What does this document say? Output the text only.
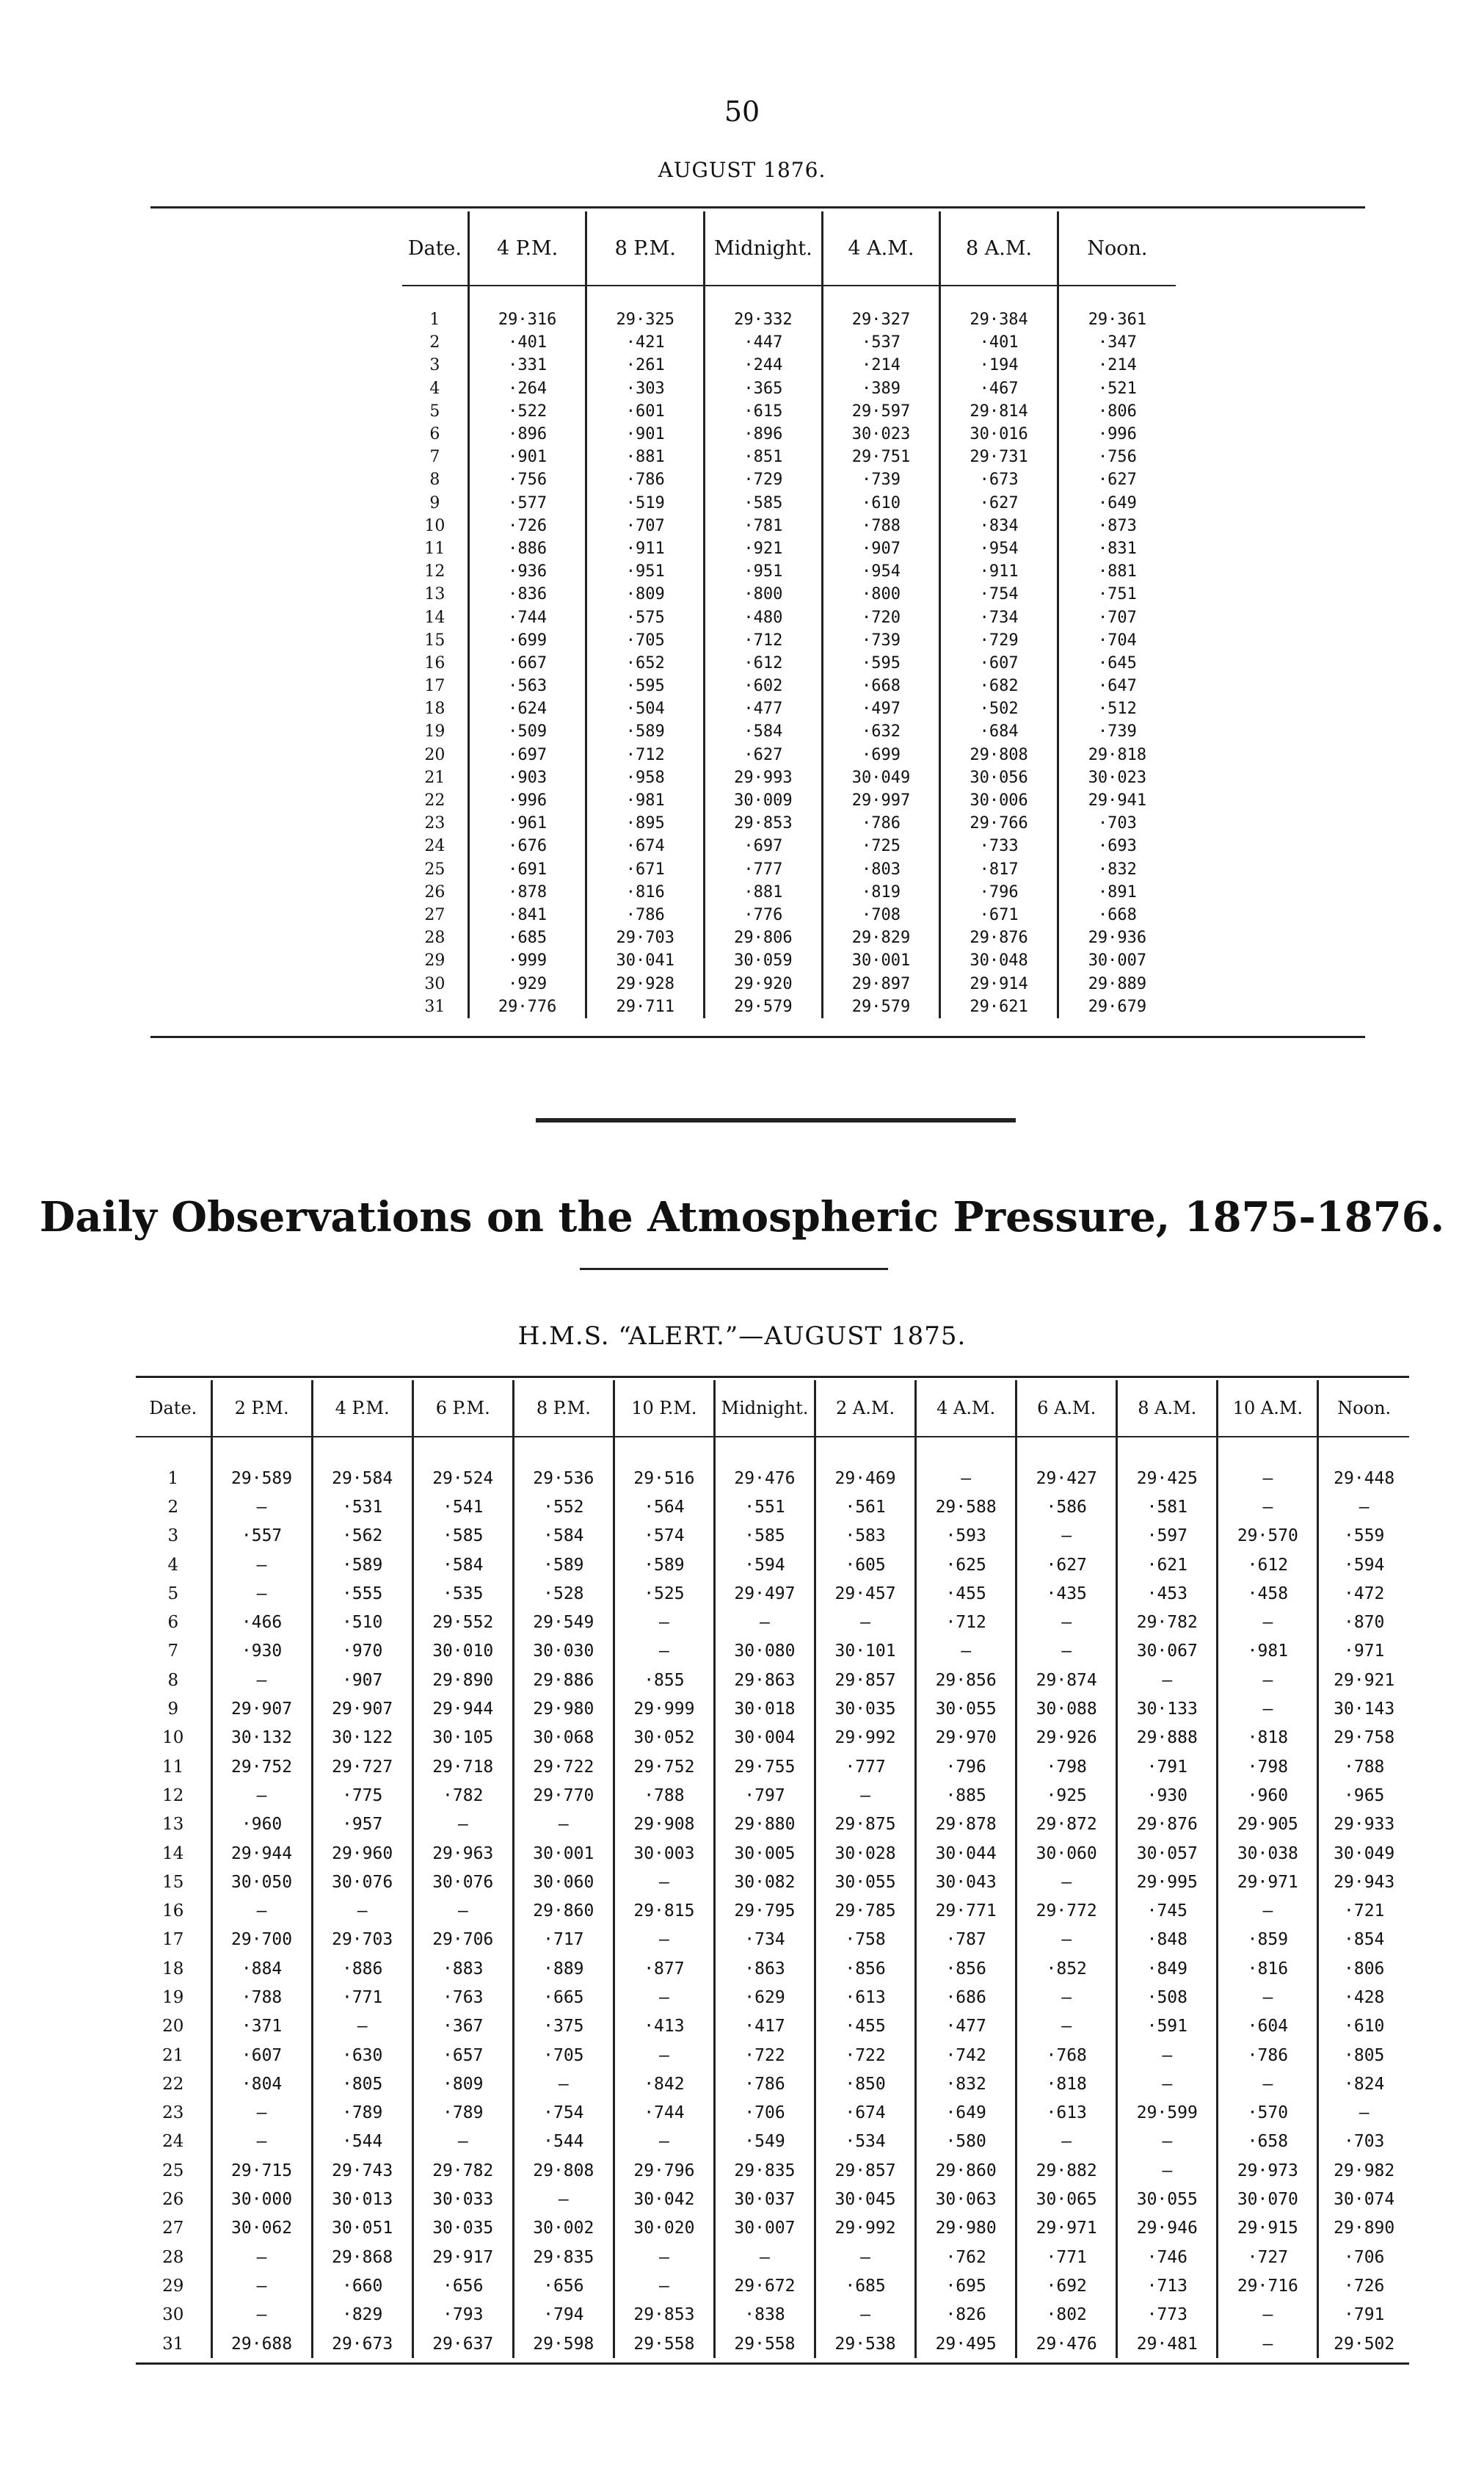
50
AUGUST 1876.
Date.	4 P.M.	8 P.M.	Midnight.	4 A.M.	8 A.M.	Noon.

1	29·316	29·325	29·332	29·327	29·384	29·361
2	·401	·421	·447	·537	·401	·347
3	·331	·261	·244	·214	·194	·214
4	·264	·303	·365	·389	·467	·521
5	·522	·601	·615	29·597	29·814	·806
6	·896	·901	·896	30·023	30·016	·996
7	·901	·881	·851	29·751	29·731	·756
8	·756	·786	·729	·739	·673	·627
9	·577	·519	·585	·610	·627	·649
10	·726	·707	·781	·788	·834	·873
11	·886	·911	·921	·907	·954	·831
12	·936	·951	·951	·954	·911	·881
13	·836	·809	·800	·800	·754	·751
14	·744	·575	·480	·720	·734	·707
15	·699	·705	·712	·739	·729	·704
16	·667	·652	·612	·595	·607	·645
17	·563	·595	·602	·668	·682	·647
18	·624	·504	·477	·497	·502	·512
19	·509	·589	·584	·632	·684	·739
20	·697	·712	·627	·699	29·808	29·818
21	·903	·958	29·993	30·049	30·056	30·023
22	·996	·981	30·009	29·997	30·006	29·941
23	·961	·895	29·853	·786	29·766	·703
24	·676	·674	·697	·725	·733	·693
25	·691	·671	·777	·803	·817	·832
26	·878	·816	·881	·819	·796	·891
27	·841	·786	·776	·708	·671	·668
28	·685	29·703	29·806	29·829	29·876	29·936
29	·999	30·041	30·059	30·001	30·048	30·007
30	·929	29·928	29·920	29·897	29·914	29·889
31	29·776	29·711	29·579	29·579	29·621	29·679
Daily Observations on the Atmospheric Pressure, 1875-1876.
H.M.S. “ALERT.”—AUGUST 1875.
Date.	2 P.M.	4 P.M.	6 P.M.	8 P.M.	10 P.M.	Midnight.	2 A.M.	4 A.M.	6 A.M.	8 A.M.	10 A.M.	Noon.

1	29·589	29·584	29·524	29·536	29·516	29·476	29·469	—	29·427	29·425	—	29·448
2	—	·531	·541	·552	·564	·551	·561	29·588	·586	·581	—	—
3	·557	·562	·585	·584	·574	·585	·583	·593	—	·597	29·570	·559
4	—	·589	·584	·589	·589	·594	·605	·625	·627	·621	·612	·594
5	—	·555	·535	·528	·525	29·497	29·457	·455	·435	·453	·458	·472
6	·466	·510	29·552	29·549	—	—	—	·712	—	29·782	—	·870
7	·930	·970	30·010	30·030	—	30·080	30·101	—	—	30·067	·981	·971
8	—	·907	29·890	29·886	·855	29·863	29·857	29·856	29·874	—	—	29·921
9	29·907	29·907	29·944	29·980	29·999	30·018	30·035	30·055	30·088	30·133	—	30·143
10	30·132	30·122	30·105	30·068	30·052	30·004	29·992	29·970	29·926	29·888	·818	29·758
11	29·752	29·727	29·718	29·722	29·752	29·755	·777	·796	·798	·791	·798	·788
12	—	·775	·782	29·770	·788	·797	—	·885	·925	·930	·960	·965
13	·960	·957	—	—	29·908	29·880	29·875	29·878	29·872	29·876	29·905	29·933
14	29·944	29·960	29·963	30·001	30·003	30·005	30·028	30·044	30·060	30·057	30·038	30·049
15	30·050	30·076	30·076	30·060	—	30·082	30·055	30·043	—	29·995	29·971	29·943
16	—	—	—	29·860	29·815	29·795	29·785	29·771	29·772	·745	—	·721
17	29·700	29·703	29·706	·717	—	·734	·758	·787	—	·848	·859	·854
18	·884	·886	·883	·889	·877	·863	·856	·856	·852	·849	·816	·806
19	·788	·771	·763	·665	—	·629	·613	·686	—	·508	—	·428
20	·371	—	·367	·375	·413	·417	·455	·477	—	·591	·604	·610
21	·607	·630	·657	·705	—	·722	·722	·742	·768	—	·786	·805
22	·804	·805	·809	—	·842	·786	·850	·832	·818	—	—	·824
23	—	·789	·789	·754	·744	·706	·674	·649	·613	29·599	·570	—
24	—	·544	—	·544	—	·549	·534	·580	—	—	·658	·703
25	29·715	29·743	29·782	29·808	29·796	29·835	29·857	29·860	29·882	—	29·973	29·982
26	30·000	30·013	30·033	—	30·042	30·037	30·045	30·063	30·065	30·055	30·070	30·074
27	30·062	30·051	30·035	30·002	30·020	30·007	29·992	29·980	29·971	29·946	29·915	29·890
28	—	29·868	29·917	29·835	—	—	—	·762	·771	·746	·727	·706
29	—	·660	·656	·656	—	29·672	·685	·695	·692	·713	29·716	·726
30	—	·829	·793	·794	29·853	·838	—	·826	·802	·773	—	·791
31	29·688	29·673	29·637	29·598	29·558	29·558	29·538	29·495	29·476	29·481	—	29·502
